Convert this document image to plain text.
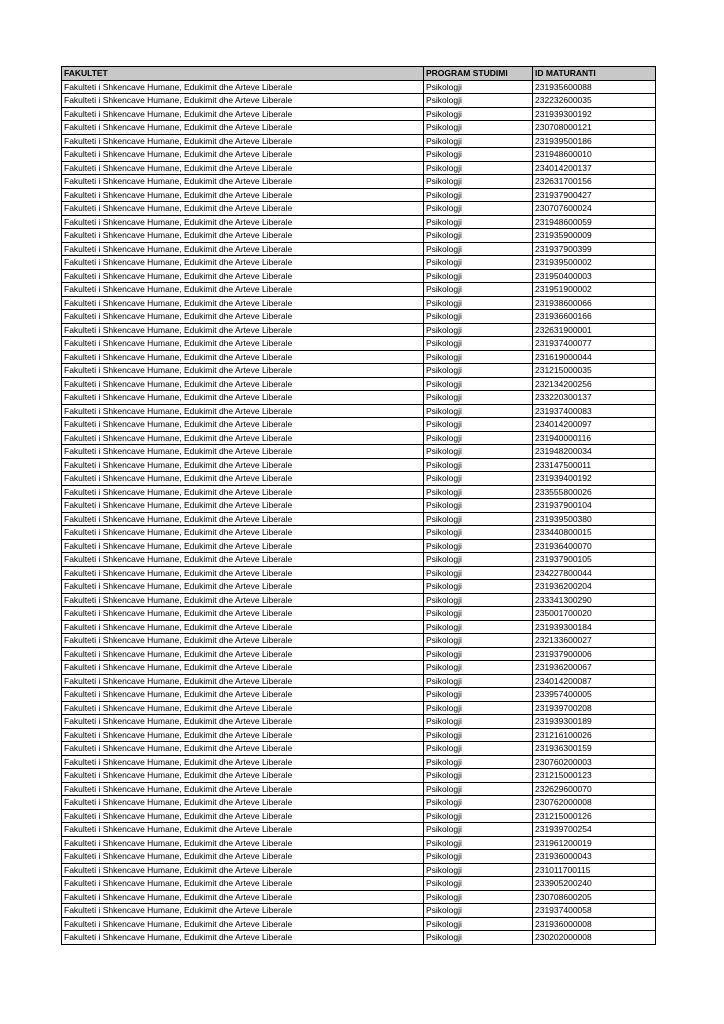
FAKULTET	PROGRAM STUDIMI	ID MATURANTI
Fakulteti i Shkencave Humane, Edukimit dhe Arteve Liberale	Psikologji	231935600088
Fakulteti i Shkencave Humane, Edukimit dhe Arteve Liberale	Psikologji	232232600035
Fakulteti i Shkencave Humane, Edukimit dhe Arteve Liberale	Psikologji	231939300192
Fakulteti i Shkencave Humane, Edukimit dhe Arteve Liberale	Psikologji	230708000121
Fakulteti i Shkencave Humane, Edukimit dhe Arteve Liberale	Psikologji	231939500186
Fakulteti i Shkencave Humane, Edukimit dhe Arteve Liberale	Psikologji	231948600010
Fakulteti i Shkencave Humane, Edukimit dhe Arteve Liberale	Psikologji	234014200137
Fakulteti i Shkencave Humane, Edukimit dhe Arteve Liberale	Psikologji	232631700156
Fakulteti i Shkencave Humane, Edukimit dhe Arteve Liberale	Psikologji	231937900427
Fakulteti i Shkencave Humane, Edukimit dhe Arteve Liberale	Psikologji	230707600024
Fakulteti i Shkencave Humane, Edukimit dhe Arteve Liberale	Psikologji	231948600059
Fakulteti i Shkencave Humane, Edukimit dhe Arteve Liberale	Psikologji	231935900009
Fakulteti i Shkencave Humane, Edukimit dhe Arteve Liberale	Psikologji	231937900399
Fakulteti i Shkencave Humane, Edukimit dhe Arteve Liberale	Psikologji	231939500002
Fakulteti i Shkencave Humane, Edukimit dhe Arteve Liberale	Psikologji	231950400003
Fakulteti i Shkencave Humane, Edukimit dhe Arteve Liberale	Psikologji	231951900002
Fakulteti i Shkencave Humane, Edukimit dhe Arteve Liberale	Psikologji	231938600066
Fakulteti i Shkencave Humane, Edukimit dhe Arteve Liberale	Psikologji	231936600166
Fakulteti i Shkencave Humane, Edukimit dhe Arteve Liberale	Psikologji	232631900001
Fakulteti i Shkencave Humane, Edukimit dhe Arteve Liberale	Psikologji	231937400077
Fakulteti i Shkencave Humane, Edukimit dhe Arteve Liberale	Psikologji	231619000044
Fakulteti i Shkencave Humane, Edukimit dhe Arteve Liberale	Psikologji	231215000035
Fakulteti i Shkencave Humane, Edukimit dhe Arteve Liberale	Psikologji	232134200256
Fakulteti i Shkencave Humane, Edukimit dhe Arteve Liberale	Psikologji	233220300137
Fakulteti i Shkencave Humane, Edukimit dhe Arteve Liberale	Psikologji	231937400083
Fakulteti i Shkencave Humane, Edukimit dhe Arteve Liberale	Psikologji	234014200097
Fakulteti i Shkencave Humane, Edukimit dhe Arteve Liberale	Psikologji	231940000116
Fakulteti i Shkencave Humane, Edukimit dhe Arteve Liberale	Psikologji	231948200034
Fakulteti i Shkencave Humane, Edukimit dhe Arteve Liberale	Psikologji	233147500011
Fakulteti i Shkencave Humane, Edukimit dhe Arteve Liberale	Psikologji	231939400192
Fakulteti i Shkencave Humane, Edukimit dhe Arteve Liberale	Psikologji	233555800026
Fakulteti i Shkencave Humane, Edukimit dhe Arteve Liberale	Psikologji	231937900104
Fakulteti i Shkencave Humane, Edukimit dhe Arteve Liberale	Psikologji	231939500380
Fakulteti i Shkencave Humane, Edukimit dhe Arteve Liberale	Psikologji	233440800015
Fakulteti i Shkencave Humane, Edukimit dhe Arteve Liberale	Psikologji	231936400070
Fakulteti i Shkencave Humane, Edukimit dhe Arteve Liberale	Psikologji	231937900105
Fakulteti i Shkencave Humane, Edukimit dhe Arteve Liberale	Psikologji	234227800044
Fakulteti i Shkencave Humane, Edukimit dhe Arteve Liberale	Psikologji	231936200204
Fakulteti i Shkencave Humane, Edukimit dhe Arteve Liberale	Psikologji	233341300290
Fakulteti i Shkencave Humane, Edukimit dhe Arteve Liberale	Psikologji	235001700020
Fakulteti i Shkencave Humane, Edukimit dhe Arteve Liberale	Psikologji	231939300184
Fakulteti i Shkencave Humane, Edukimit dhe Arteve Liberale	Psikologji	232133600027
Fakulteti i Shkencave Humane, Edukimit dhe Arteve Liberale	Psikologji	231937900006
Fakulteti i Shkencave Humane, Edukimit dhe Arteve Liberale	Psikologji	231936200067
Fakulteti i Shkencave Humane, Edukimit dhe Arteve Liberale	Psikologji	234014200087
Fakulteti i Shkencave Humane, Edukimit dhe Arteve Liberale	Psikologji	233957400005
Fakulteti i Shkencave Humane, Edukimit dhe Arteve Liberale	Psikologji	231939700208
Fakulteti i Shkencave Humane, Edukimit dhe Arteve Liberale	Psikologji	231939300189
Fakulteti i Shkencave Humane, Edukimit dhe Arteve Liberale	Psikologji	231216100026
Fakulteti i Shkencave Humane, Edukimit dhe Arteve Liberale	Psikologji	231936300159
Fakulteti i Shkencave Humane, Edukimit dhe Arteve Liberale	Psikologji	230760200003
Fakulteti i Shkencave Humane, Edukimit dhe Arteve Liberale	Psikologji	231215000123
Fakulteti i Shkencave Humane, Edukimit dhe Arteve Liberale	Psikologji	232629600070
Fakulteti i Shkencave Humane, Edukimit dhe Arteve Liberale	Psikologji	230762000008
Fakulteti i Shkencave Humane, Edukimit dhe Arteve Liberale	Psikologji	231215000126
Fakulteti i Shkencave Humane, Edukimit dhe Arteve Liberale	Psikologji	231939700254
Fakulteti i Shkencave Humane, Edukimit dhe Arteve Liberale	Psikologji	231961200019
Fakulteti i Shkencave Humane, Edukimit dhe Arteve Liberale	Psikologji	231936000043
Fakulteti i Shkencave Humane, Edukimit dhe Arteve Liberale	Psikologji	231011700115
Fakulteti i Shkencave Humane, Edukimit dhe Arteve Liberale	Psikologji	233905200240
Fakulteti i Shkencave Humane, Edukimit dhe Arteve Liberale	Psikologji	230708600205
Fakulteti i Shkencave Humane, Edukimit dhe Arteve Liberale	Psikologji	231937400058
Fakulteti i Shkencave Humane, Edukimit dhe Arteve Liberale	Psikologji	231936000008
Fakulteti i Shkencave Humane, Edukimit dhe Arteve Liberale	Psikologji	230202000008
